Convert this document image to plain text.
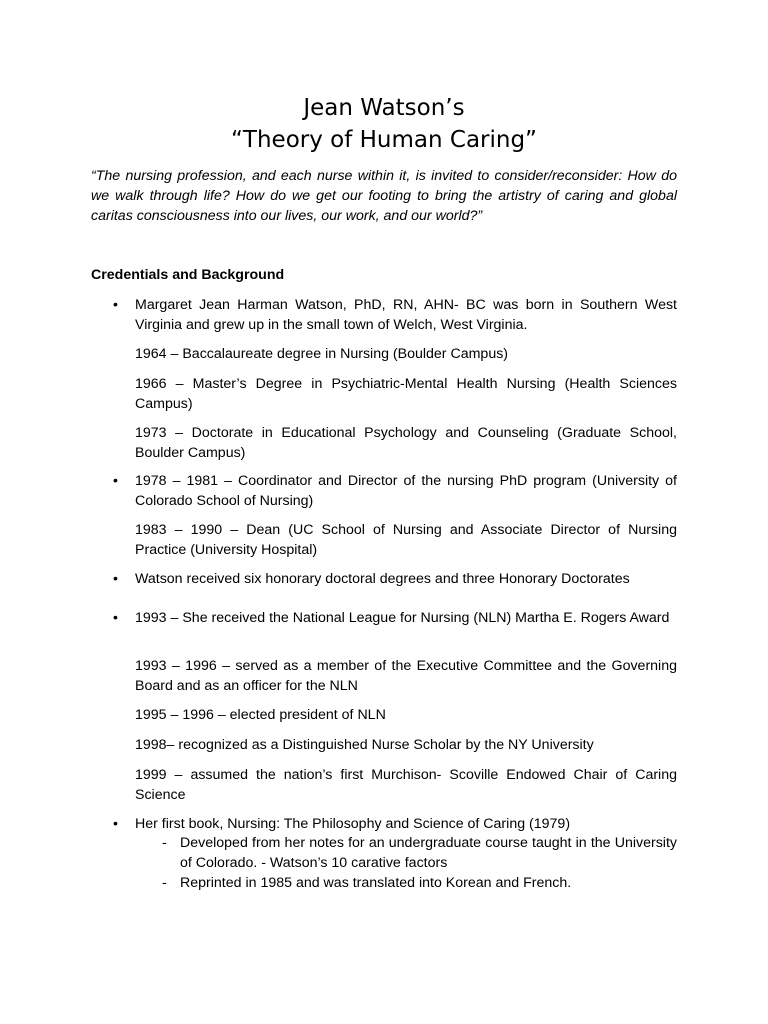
Jean Watson’s
“Theory of Human Caring”

“The nursing profession, and each nurse within it, is invited to consider/reconsider: How do we walk through life? How do we get our footing to bring the artistry of caring and global caritas consciousness into our lives, our work, and our world?”

Credentials and Background
• Margaret Jean Harman Watson, PhD, RN, AHN- BC was born in Southern West Virginia and grew up in the small town of Welch, West Virginia.

1964 – Baccalaureate degree in Nursing (Boulder Campus)

1966 – Master’s Degree in Psychiatric-Mental Health Nursing (Health Sciences Campus)

1973 – Doctorate in Educational Psychology and Counseling (Graduate School, Boulder Campus)

• 1978 – 1981 – Coordinator and Director of the nursing PhD program (University of Colorado School of Nursing)

1983 – 1990 – Dean (UC School of Nursing and Associate Director of Nursing Practice (University Hospital)

• Watson received six honorary doctoral degrees and three Honorary Doctorates

• 1993 – She received the National League for Nursing (NLN) Martha E. Rogers Award

1993 – 1996 – served as a member of the Executive Committee and the Governing Board and as an officer for the NLN

1995 – 1996 – elected president of NLN

1998– recognized as a Distinguished Nurse Scholar by the NY University

1999 – assumed the nation’s first Murchison- Scoville Endowed Chair of Caring Science

• Her first book, Nursing: The Philosophy and Science of Caring (1979)

- Developed from her notes for an undergraduate course taught in the University of Colorado. - Watson’s 10 carative factors

- Reprinted in 1985 and was translated into Korean and French.
